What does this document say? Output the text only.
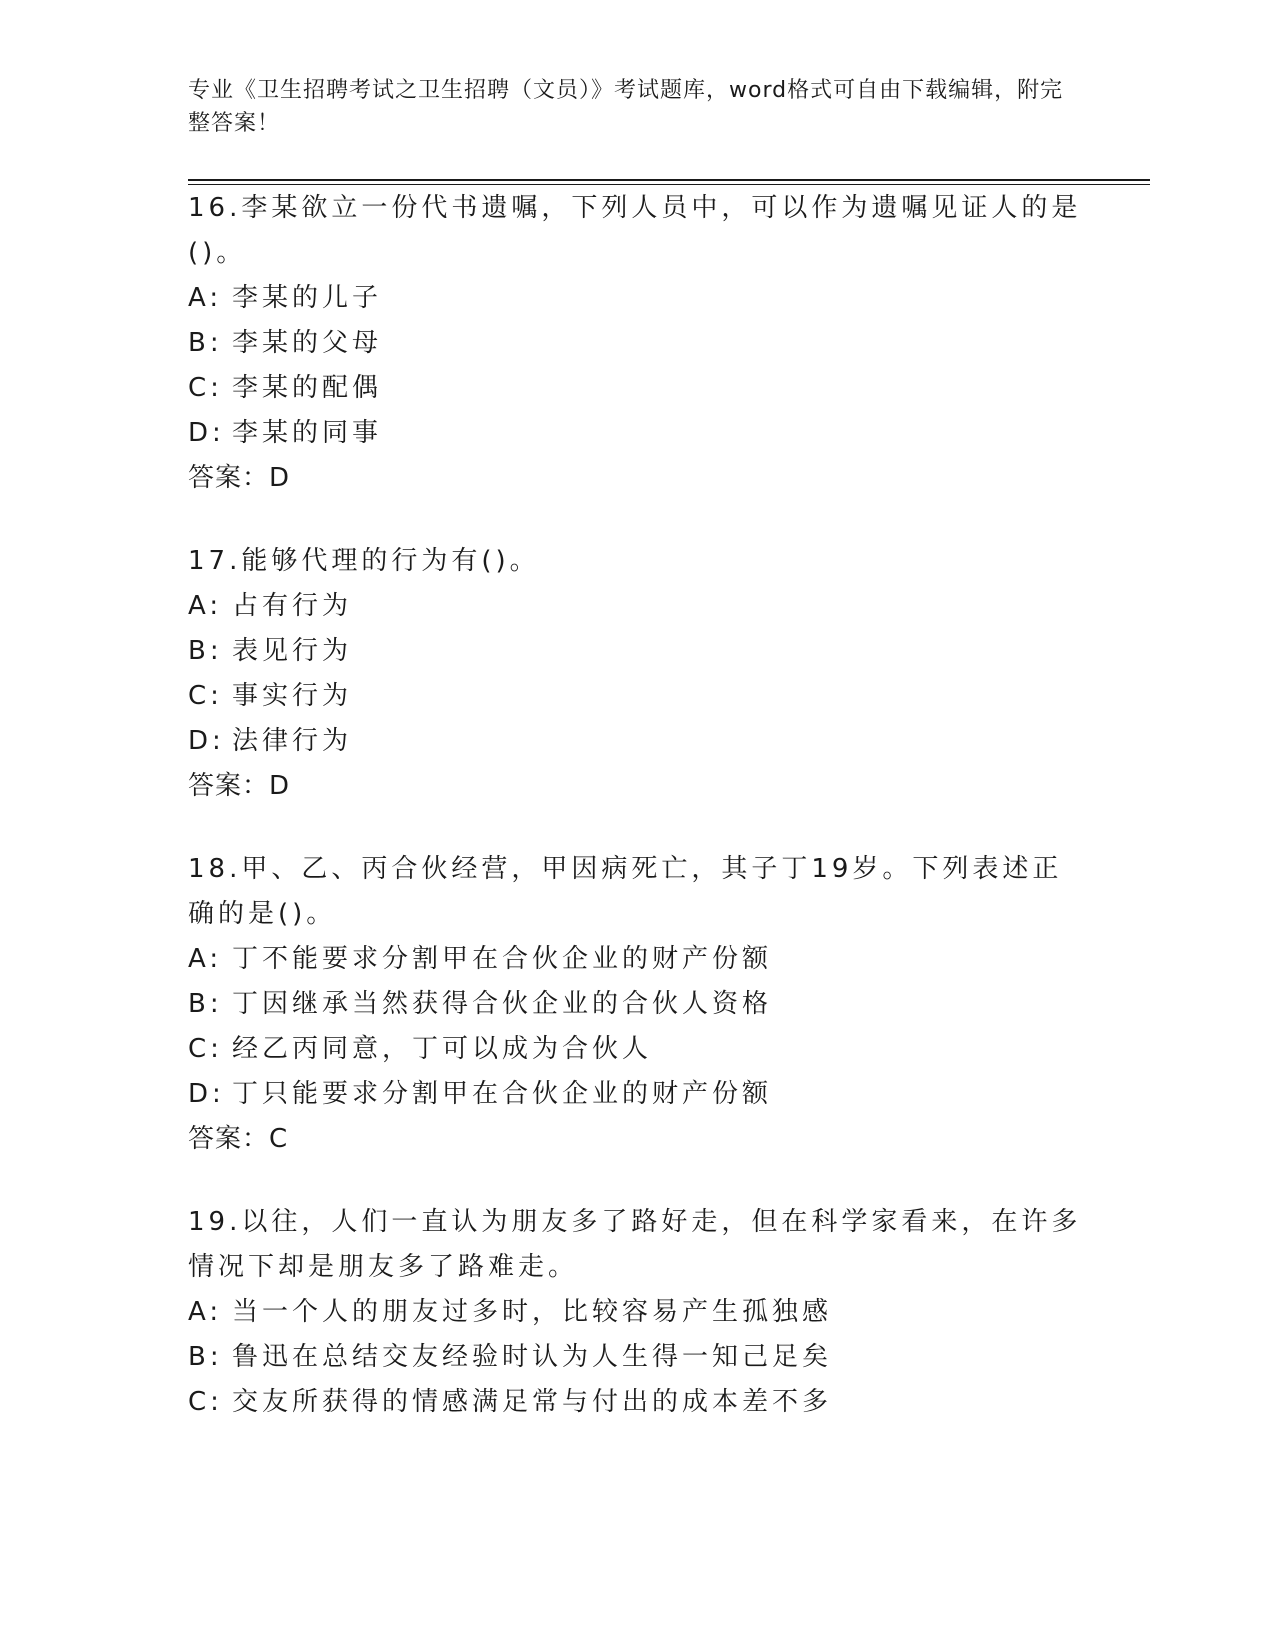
专业《卫生招聘考试之卫生招聘（文员）》考试题库，word格式可自由下载编辑，附完整答案！

16.李某欲立一份代书遗嘱，下列人员中，可以作为遗嘱见证人的是()。

A: 李某的儿子

B: 李某的父母

C: 李某的配偶

D: 李某的同事

答案：D

17.能够代理的行为有()。

A: 占有行为

B: 表见行为

C: 事实行为

D: 法律行为

答案：D

18.甲、乙、丙合伙经营，甲因病死亡，其子丁19岁。下列表述正确的是()。

A: 丁不能要求分割甲在合伙企业的财产份额

B: 丁因继承当然获得合伙企业的合伙人资格

C: 经乙丙同意，丁可以成为合伙人

D: 丁只能要求分割甲在合伙企业的财产份额

答案：C

19.以往，人们一直认为朋友多了路好走，但在科学家看来，在许多情况下却是朋友多了路难走。

A: 当一个人的朋友过多时，比较容易产生孤独感

B: 鲁迅在总结交友经验时认为人生得一知己足矣

C: 交友所获得的情感满足常与付出的成本差不多
